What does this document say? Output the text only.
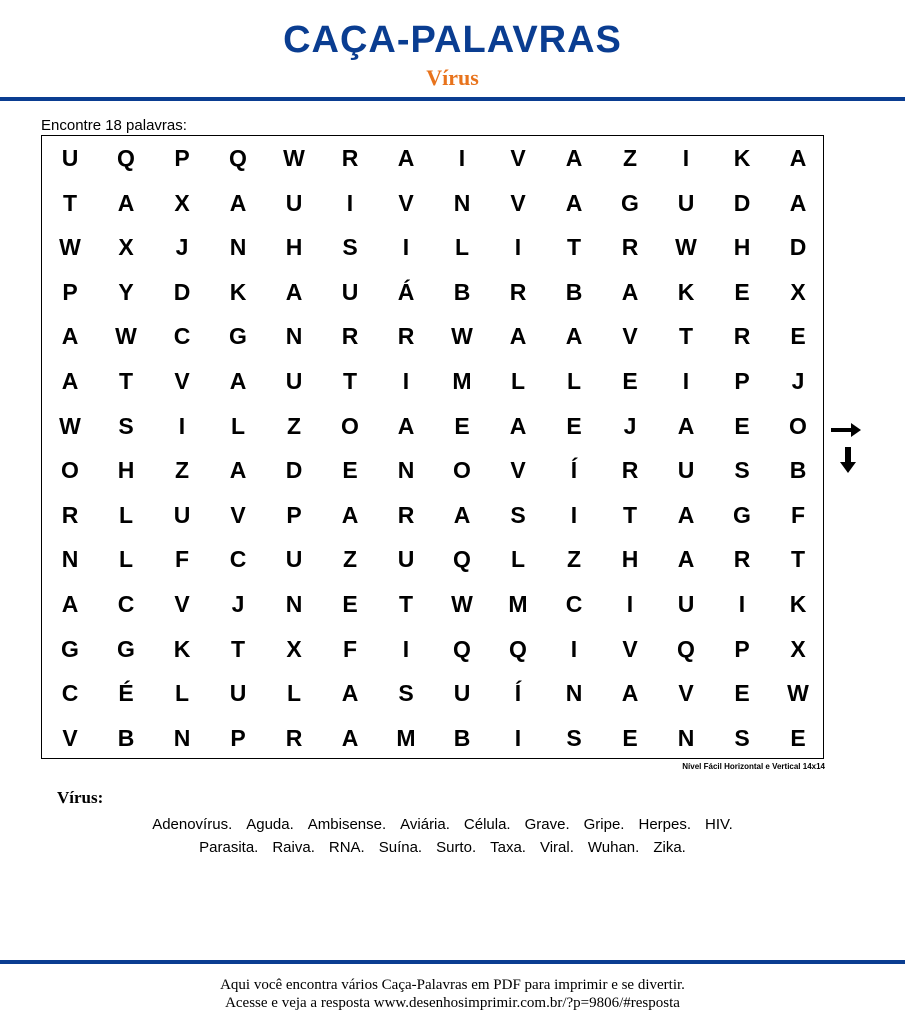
CAÇA-PALAVRAS
Vírus
Encontre 18 palavras:
U	Q	P	Q	W	R	A	I	V	A	Z	I	K	A
T	A	X	A	U	I	V	N	V	A	G	U	D	A
W	X	J	N	H	S	I	L	I	T	R	W	H	D
P	Y	D	K	A	U	Á	B	R	B	A	K	E	X
A	W	C	G	N	R	R	W	A	A	V	T	R	E
A	T	V	A	U	T	I	M	L	L	E	I	P	J
W	S	I	L	Z	O	A	E	A	E	J	A	E	O
O	H	Z	A	D	E	N	O	V	Í	R	U	S	B
R	L	U	V	P	A	R	A	S	I	T	A	G	F
N	L	F	C	U	Z	U	Q	L	Z	H	A	R	T
A	C	V	J	N	E	T	W	M	C	I	U	I	K
G	G	K	T	X	F	I	Q	Q	I	V	Q	P	X
C	É	L	U	L	A	S	U	Í	N	A	V	E	W
V	B	N	P	R	A	M	B	I	S	E	N	S	E
Nível Fácil Horizontal e Vertical 14x14
Vírus:
Adenovírus. Aguda. Ambisense. Aviária. Célula. Grave. Gripe. Herpes. HIV.
Parasita. Raiva. RNA. Suína. Surto. Taxa. Viral. Wuhan. Zika.
Aqui você encontra vários Caça-Palavras em PDF para imprimir e se divertir.
Acesse e veja a resposta www.desenhosimprimir.com.br/?p=9806/#resposta
